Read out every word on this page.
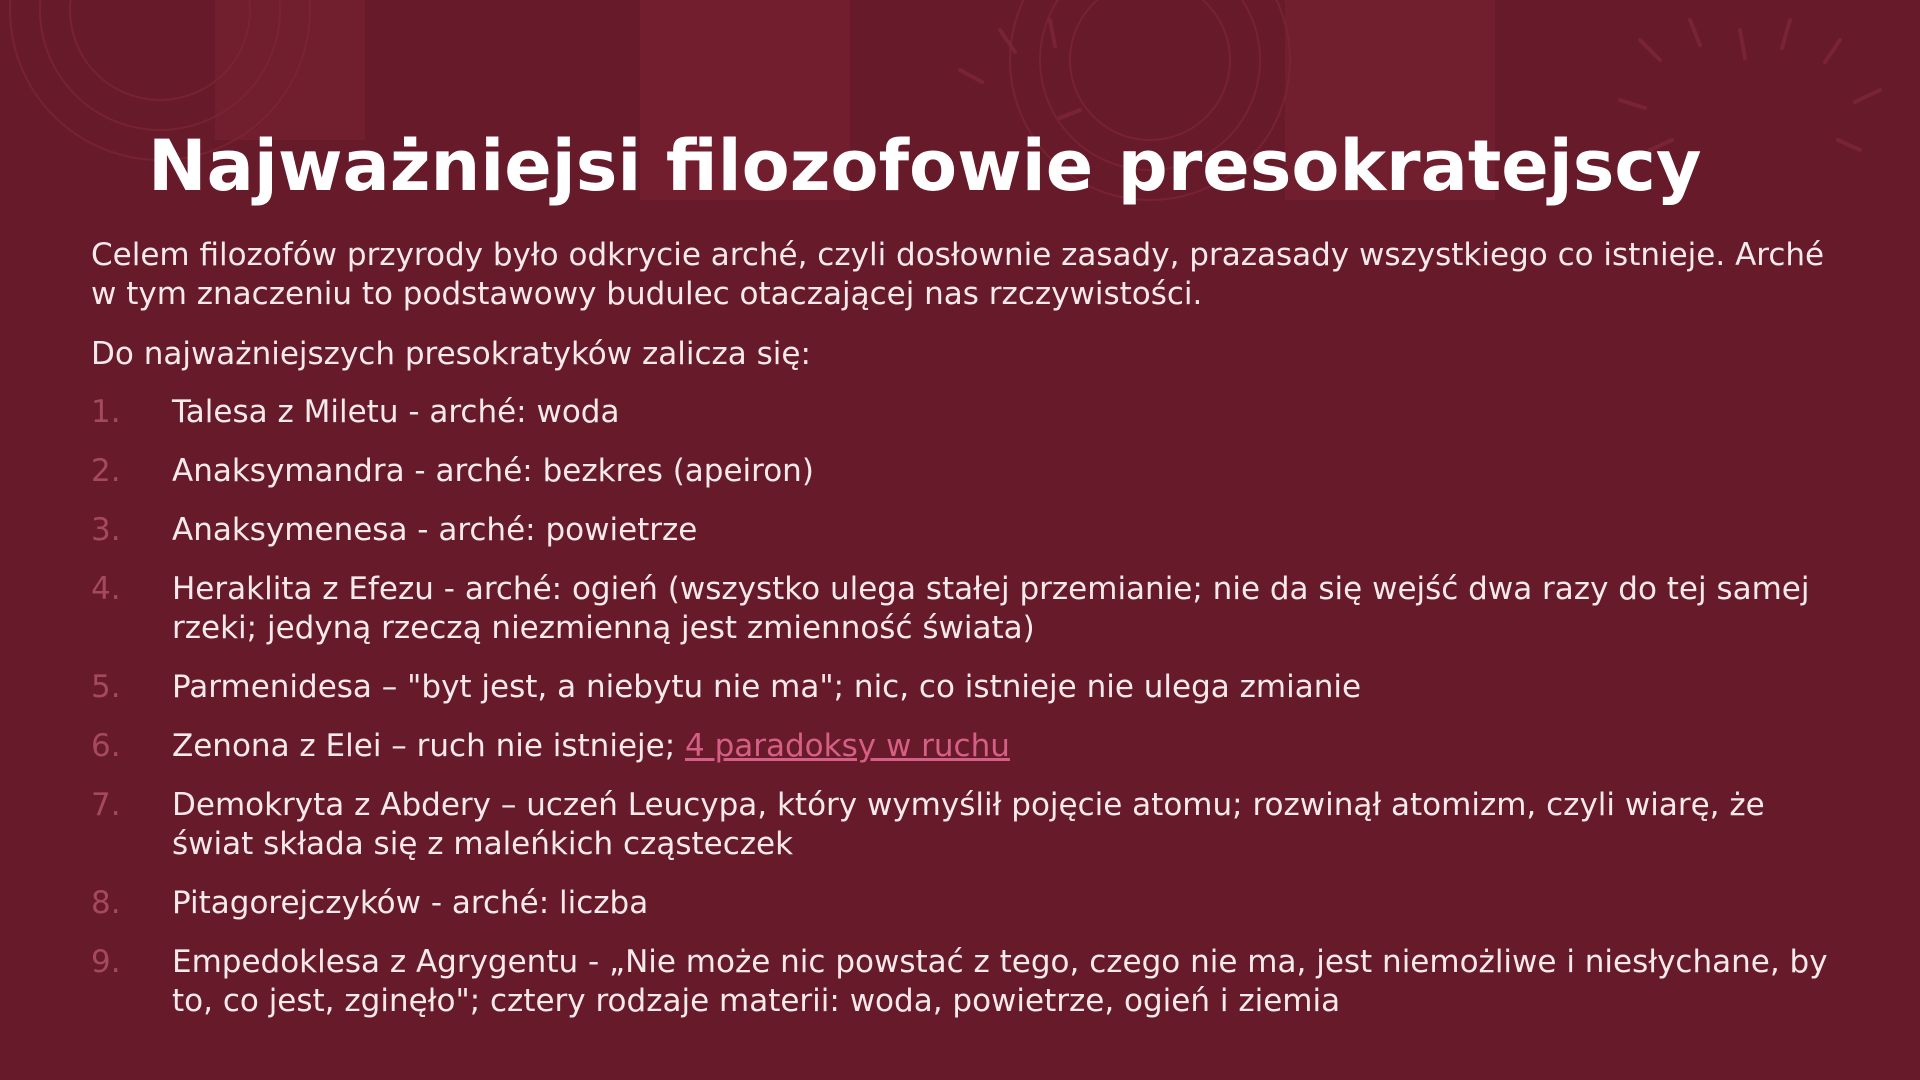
Najważniejsi filozofowie presokratejscy

Celem filozofów przyrody było odkrycie arché, czyli dosłownie zasady, prazasady wszystkiego co istnieje. Arché w tym znaczeniu to podstawowy budulec otaczającej nas rzczywistości.

Do najważniejszych presokratyków zalicza się:

1. Talesa z Miletu - arché: woda
2. Anaksymandra - arché: bezkres (apeiron)
3. Anaksymenesa - arché: powietrze
4. Heraklita z Efezu - arché: ogień (wszystko ulega stałej przemianie; nie da się wejść dwa razy do tej samej rzeki; jedyną rzeczą niezmienną jest zmienność świata)
5. Parmenidesa – "byt jest, a niebytu nie ma"; nic, co istnieje nie ulega zmianie
6. Zenona z Elei – ruch nie istnieje; 4 paradoksy w ruchu
7. Demokryta z Abdery – uczeń Leucypa, który wymyślił pojęcie atomu; rozwinął atomizm, czyli wiarę, że świat składa się z maleńkich cząsteczek
8. Pitagorejczyków - arché: liczba
9. Empedoklesa z Agrygentu - „Nie może nic powstać z tego, czego nie ma, jest niemożliwe i niesłychane, by to, co jest, zginęło"; cztery rodzaje materii: woda, powietrze, ogień i ziemia
